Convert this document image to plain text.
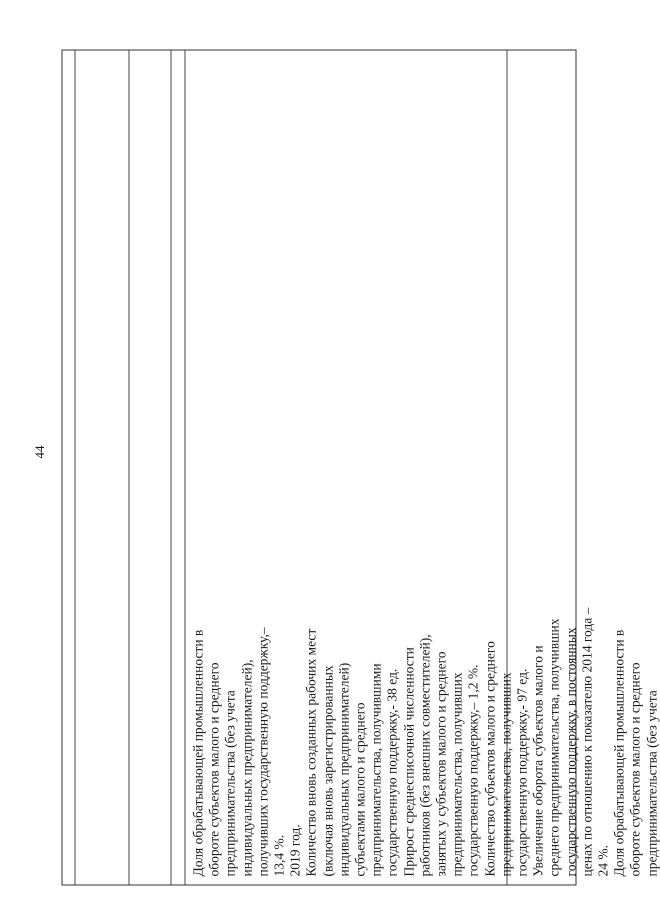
44

Доля обрабатывающей промышленности в
обороте субъектов малого и среднего
предпринимательства (без учета
индивидуальных предпринимателей),
получивших государственную поддержку,–
13,4 %.
2019 год.
Количество вновь созданных рабочих мест
(включая вновь зарегистрированных
индивидуальных предпринимателей)
субъектами малого и среднего
предпринимательства, получившими
государственную поддержку,- 38 ед.
Прирост среднесписочной численности
работников (без внешних совместителей),
занятых у субъектов малого и среднего
предпринимательства, получивших
государственную поддержку,– 1,2 %.
Количество субъектов малого и среднего
предпринимательства, получивших
государственную поддержку,- 97 ед.
Увеличение оборота субъектов малого и
среднего предпринимательства, получивших
государственную поддержку, в постоянных
ценах по отношению к показателю 2014 года –
24 %.
Доля обрабатывающей промышленности в
обороте субъектов малого и среднего
предпринимательства (без учета
